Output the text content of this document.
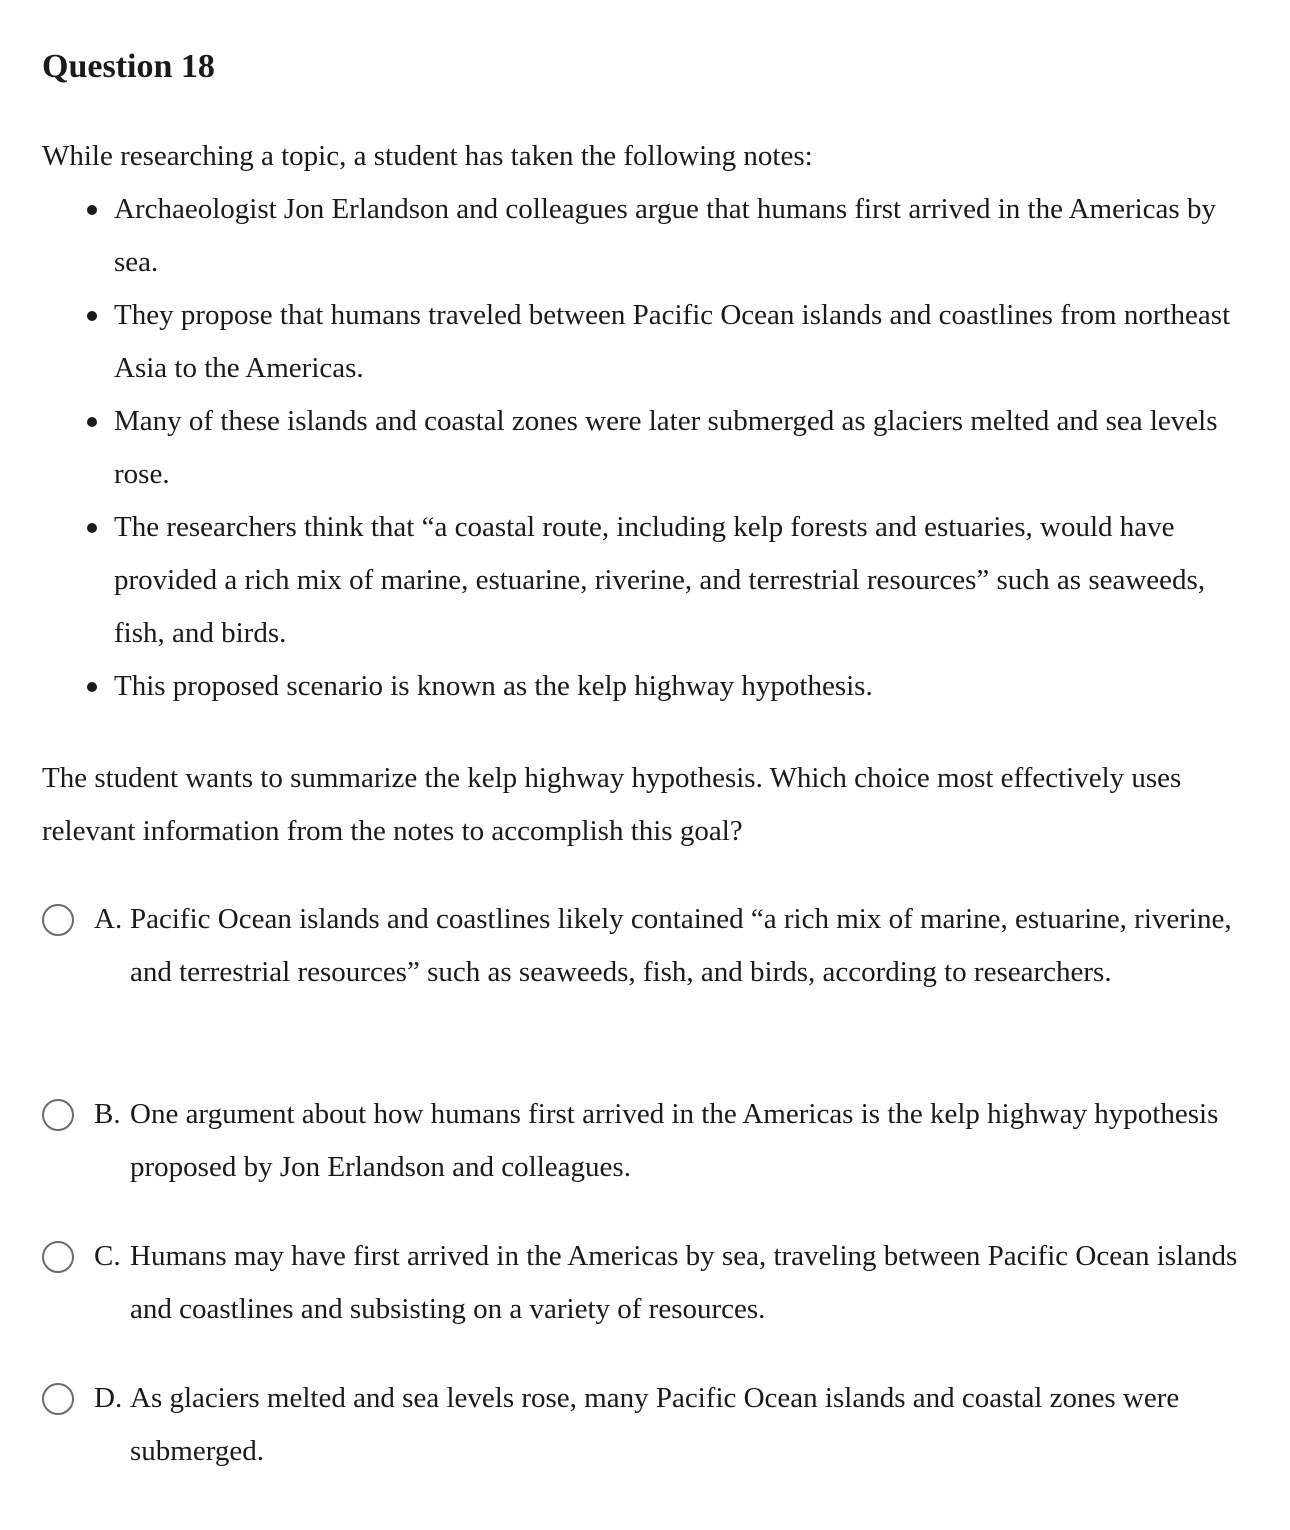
Question 18

While researching a topic, a student has taken the following notes:

Archaeologist Jon Erlandson and colleagues argue that humans first arrived in the Americas by sea.
They propose that humans traveled between Pacific Ocean islands and coastlines from northeast Asia to the Americas.
Many of these islands and coastal zones were later submerged as glaciers melted and sea levels rose.
The researchers think that “a coastal route, including kelp forests and estuaries, would have provided a rich mix of marine, estuarine, riverine, and terrestrial resources” such as seaweeds, fish, and birds.
This proposed scenario is known as the kelp highway hypothesis.

The student wants to summarize the kelp highway hypothesis. Which choice most effectively uses relevant information from the notes to accomplish this goal?

A. Pacific Ocean islands and coastlines likely contained “a rich mix of marine, estuarine, riverine, and terrestrial resources” such as seaweeds, fish, and birds, according to researchers.
B. One argument about how humans first arrived in the Americas is the kelp highway hypothesis proposed by Jon Erlandson and colleagues.
C. Humans may have first arrived in the Americas by sea, traveling between Pacific Ocean islands and coastlines and subsisting on a variety of resources.
D. As glaciers melted and sea levels rose, many Pacific Ocean islands and coastal zones were submerged.
